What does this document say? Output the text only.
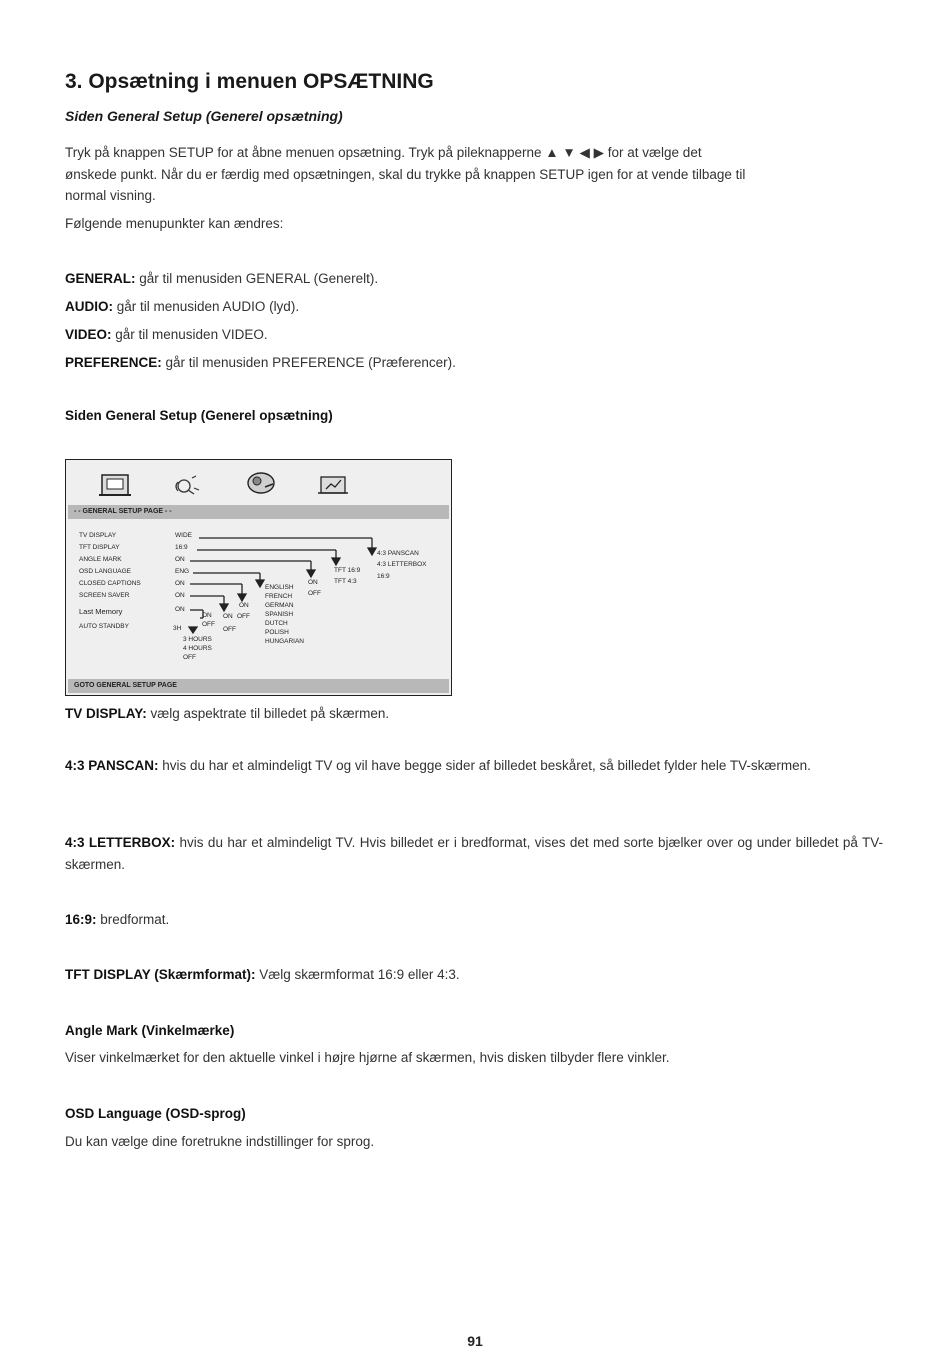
3. Opsætning i menuen OPSÆTNING
Siden General Setup (Generel opsætning)
Tryk på knappen SETUP for at åbne menuen opsætning. Tryk på pileknapperne ▲ ▼ ◀ ▶ for at vælge det
ønskede punkt. Når du er færdig med opsætningen, skal du trykke på knappen SETUP igen for at vende tilbage til
normal visning.
Følgende menupunkter kan ændres:
GENERAL: går til menusiden GENERAL (Generelt).
AUDIO: går til menusiden AUDIO (lyd).
VIDEO: går til menusiden VIDEO.
PREFERENCE: går til menusiden PREFERENCE (Præferencer).
Siden General Setup (Generel opsætning)
- - GENERAL SETUP PAGE - -
TV DISPLAY
TFT DISPLAY
ANGLE MARK
OSD LANGUAGE
CLOSED CAPTIONS
SCREEN SAVER
Last Memory
AUTO STANDBY
WIDE
16:9
ON
ENG
ON
ON
ON
3H
4:3 PANSCAN
4:3 LETTERBOX
16:9
TFT 16:9
TFT 4:3
ON
OFF
ENGLISH
FRENCH
GERMAN
SPANISH
DUTCH
POLISH
HUNGARIAN
ON
OFF
ON
OFF
ON
OFF
3 HOURS
4 HOURS
OFF
GOTO GENERAL SETUP PAGE
TV DISPLAY: vælg aspektrate til billedet på skærmen.
4:3 PANSCAN: hvis du har et almindeligt TV og vil have begge sider af billedet beskåret, så billedet fylder hele TV-skærmen.
4:3 LETTERBOX: hvis du har et almindeligt TV. Hvis billedet er i bredformat, vises det med sorte bjælker over og under billedet på TV-skærmen.
16:9: bredformat.
TFT DISPLAY (Skærmformat): Vælg skærmformat 16:9 eller 4:3.
Angle Mark (Vinkelmærke)
Viser vinkelmærket for den aktuelle vinkel i højre hjørne af skærmen, hvis disken tilbyder flere vinkler.
OSD Language (OSD-sprog)
Du kan vælge dine foretrukne indstillinger for sprog.
91
